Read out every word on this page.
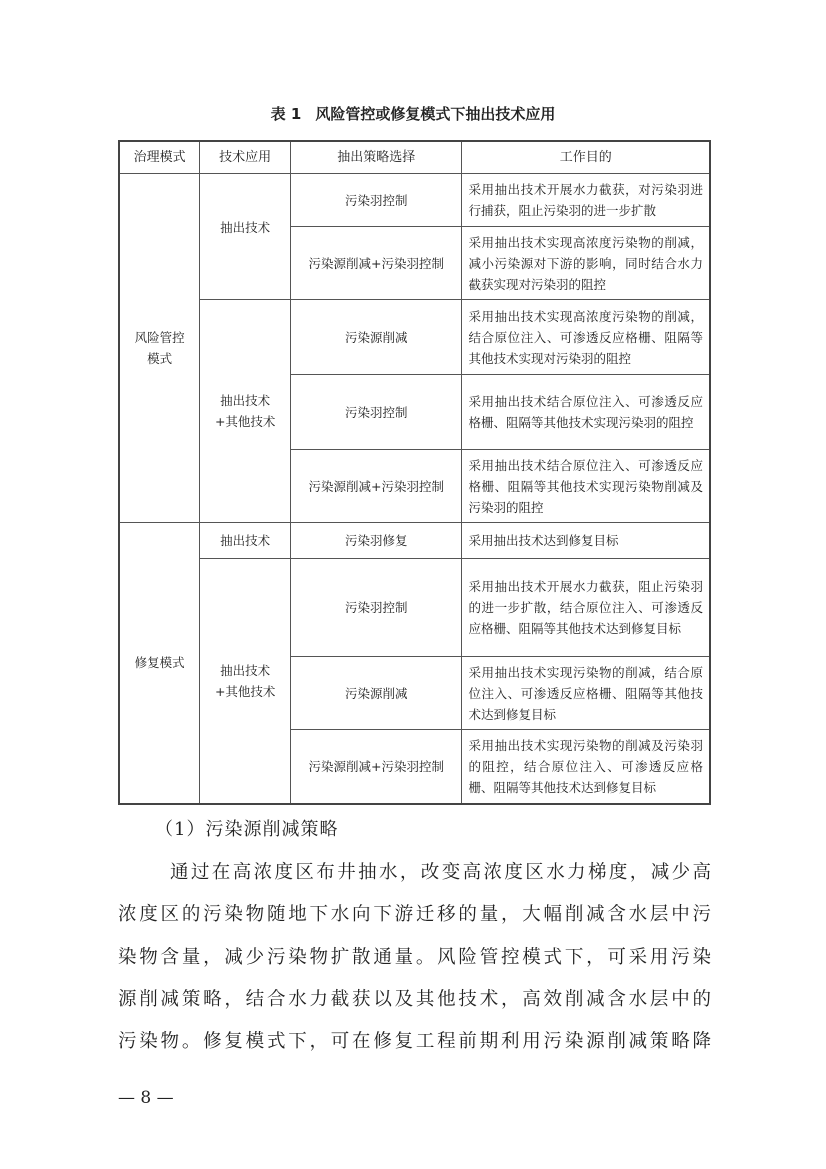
表 1 风险管控或修复模式下抽出技术应用
治理模式	技术应用	抽出策略选择	工作目的
风险管控模式	抽出技术	污染羽控制	采用抽出技术开展水力截获，对污染羽进行捕获，阻止污染羽的进一步扩散
		污染源削减+污染羽控制	采用抽出技术实现高浓度污染物的削减，减小污染源对下游的影响，同时结合水力截获实现对污染羽的阻控
	抽出技术+其他技术	污染源削减	采用抽出技术实现高浓度污染物的削减，结合原位注入、可渗透反应格栅、阻隔等其他技术实现对污染羽的阻控
		污染羽控制	采用抽出技术结合原位注入、可渗透反应格栅、阻隔等其他技术实现污染羽的阻控
		污染源削减+污染羽控制	采用抽出技术结合原位注入、可渗透反应格栅、阻隔等其他技术实现污染物削减及污染羽的阻控
修复模式	抽出技术	污染羽修复	采用抽出技术达到修复目标
	抽出技术+其他技术	污染羽控制	采用抽出技术开展水力截获，阻止污染羽的进一步扩散，结合原位注入、可渗透反应格栅、阻隔等其他技术达到修复目标
		污染源削减	采用抽出技术实现污染物的削减，结合原位注入、可渗透反应格栅、阻隔等其他技术达到修复目标
		污染源削减+污染羽控制	采用抽出技术实现污染物的削减及污染羽的阻控，结合原位注入、可渗透反应格栅、阻隔等其他技术达到修复目标
（1）污染源削减策略
通过在高浓度区布井抽水，改变高浓度区水力梯度，减少高
浓度区的污染物随地下水向下游迁移的量，大幅削减含水层中污
染物含量，减少污染物扩散通量。风险管控模式下，可采用污染
源削减策略，结合水力截获以及其他技术，高效削减含水层中的
污染物。修复模式下，可在修复工程前期利用污染源削减策略降
— 8 —
